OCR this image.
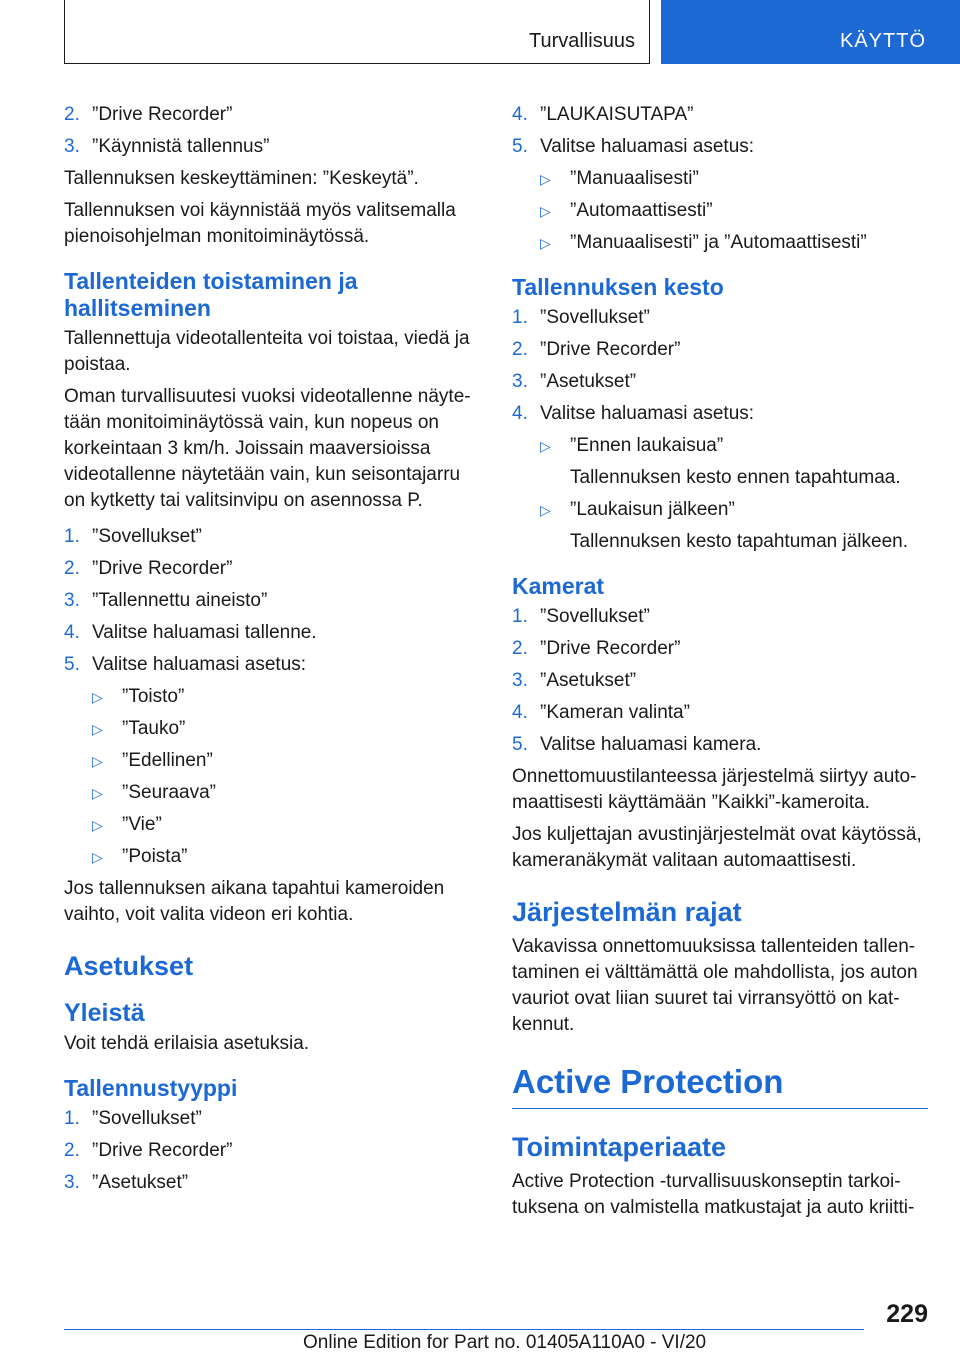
Turvallisuus	KÄYTTÖ
2. ”Drive Recorder”
3. ”Käynnistä tallennus”

Tallennuksen keskeyttäminen: ”Keskeytä”.

Tallennuksen voi käynnistää myös valitsemalla pienoisohjelman monitoiminäytössä.

Tallenteiden toistaminen ja hallitseminen

Tallennettuja videotallenteita voi toistaa, viedä ja poistaa.

Oman turvallisuutesi vuoksi videotallenne näytetään monitoiminäytössä vain, kun nopeus on korkeintaan 3 km/h. Joissain maaversioissa videotallenne näytetään vain, kun seisontajarru on kytketty tai valitsinvipu on asennossa P.

1. ”Sovellukset”
2. ”Drive Recorder”
3. ”Tallennettu aineisto”
4. Valitse haluamasi tallenne.
5. Valitse haluamasi asetus:
▷	”Toisto”
▷	”Tauko”
▷	”Edellinen”
▷	”Seuraava”
▷	”Vie”
▷	”Poista”

Jos tallennuksen aikana tapahtui kameroiden vaihto, voit valita videon eri kohtia.

Asetukset
Yleistä

Voit tehdä erilaisia asetuksia.

Tallennustyyppi
1. ”Sovellukset”
2. ”Drive Recorder”
3. ”Asetukset”
4. ”LAUKAISUTAPA”
5. Valitse haluamasi asetus:
▷	”Manuaalisesti”
▷	”Automaattisesti”
▷	”Manuaalisesti” ja ”Automaattisesti”
Tallennuksen kesto
1. ”Sovellukset”
2. ”Drive Recorder”
3. ”Asetukset”
4. Valitse haluamasi asetus:
▷	”Ennen laukaisua”
Tallennuksen kesto ennen tapahtumaa.
▷	”Laukaisun jälkeen”
Tallennuksen kesto tapahtuman jälkeen.
Kamerat
1. ”Sovellukset”
2. ”Drive Recorder”
3. ”Asetukset”
4. ”Kameran valinta”
5. Valitse haluamasi kamera.

Onnettomuustilanteessa järjestelmä siirtyy automaattisesti käyttämään ”Kaikki”-kameroita.

Jos kuljettajan avustinjärjestelmät ovat käytössä, kameranäkymät valitaan automaattisesti.

Järjestelmän rajat

Vakavissa onnettomuuksissa tallenteiden tallentaminen ei välttämättä ole mahdollista, jos auton vauriot ovat liian suuret tai virransyöttö on katkennut.

Active Protection
Toimintaperiaate

Active Protection -turvallisuuskonseptin tarkoituksena on valmistella matkustajat ja auto kriitti-

229
Online Edition for Part no. 01405A110A0 - VI/20
